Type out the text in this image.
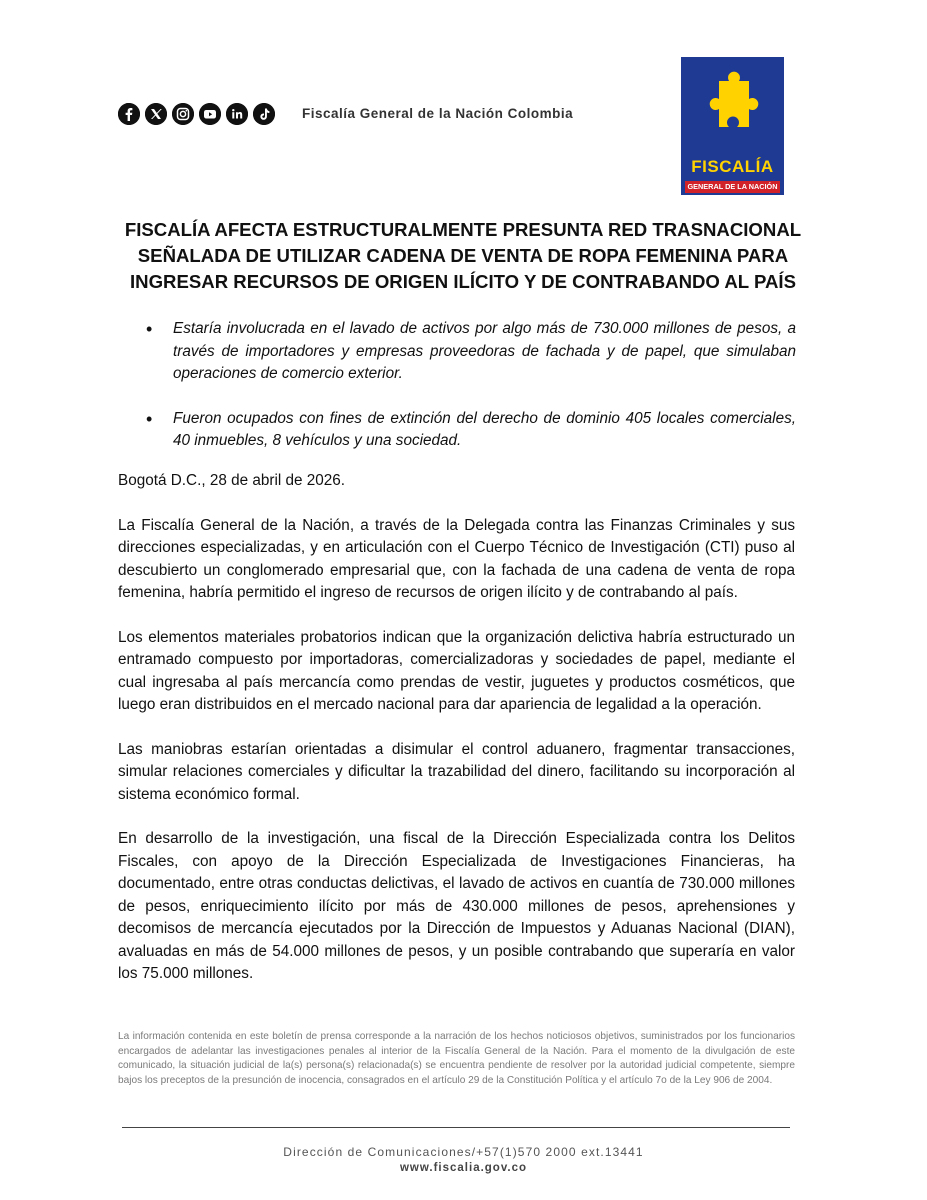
Fiscalía General de la Nación Colombia
FISCALÍA
GENERAL DE LA NACIÓN
FISCALÍA AFECTA ESTRUCTURALMENTE PRESUNTA RED TRASNACIONAL SEÑALADA DE UTILIZAR CADENA DE VENTA DE ROPA FEMENINA PARA INGRESAR RECURSOS DE ORIGEN ILÍCITO Y DE CONTRABANDO AL PAÍS
• Estaría involucrada en el lavado de activos por algo más de 730.000 millones de pesos, a través de importadores y empresas proveedoras de fachada y de papel, que simulaban operaciones de comercio exterior.
• Fueron ocupados con fines de extinción del derecho de dominio 405 locales comerciales, 40 inmuebles, 8 vehículos y una sociedad.

Bogotá D.C., 28 de abril de 2026.

La Fiscalía General de la Nación, a través de la Delegada contra las Finanzas Criminales y sus direcciones especializadas, y en articulación con el Cuerpo Técnico de Investigación (CTI) puso al descubierto un conglomerado empresarial que, con la fachada de una cadena de venta de ropa femenina, habría permitido el ingreso de recursos de origen ilícito y de contrabando al país.

Los elementos materiales probatorios indican que la organización delictiva habría estructurado un entramado compuesto por importadoras, comercializadoras y sociedades de papel, mediante el cual ingresaba al país mercancía como prendas de vestir, juguetes y productos cosméticos, que luego eran distribuidos en el mercado nacional para dar apariencia de legalidad a la operación.

Las maniobras estarían orientadas a disimular el control aduanero, fragmentar transacciones, simular relaciones comerciales y dificultar la trazabilidad del dinero, facilitando su incorporación al sistema económico formal.

En desarrollo de la investigación, una fiscal de la Dirección Especializada contra los Delitos Fiscales, con apoyo de la Dirección Especializada de Investigaciones Financieras, ha documentado, entre otras conductas delictivas, el lavado de activos en cuantía de 730.000 millones de pesos, enriquecimiento ilícito por más de 430.000 millones de pesos, aprehensiones y decomisos de mercancía ejecutados por la Dirección de Impuestos y Aduanas Nacional (DIAN), avaluadas en más de 54.000 millones de pesos, y un posible contrabando que superaría en valor los 75.000 millones.

La información contenida en este boletín de prensa corresponde a la narración de los hechos noticiosos objetivos, suministrados por los funcionarios encargados de adelantar las investigaciones penales al interior de la Fiscalía General de la Nación. Para el momento de la divulgación de este comunicado, la situación judicial de la(s) persona(s) relacionada(s) se encuentra pendiente de resolver por la autoridad judicial competente, siempre bajos los preceptos de la presunción de inocencia, consagrados en el artículo 29 de la Constitución Política y el artículo 7o de la Ley 906 de 2004.
Dirección de Comunicaciones/+57(1)570 2000 ext.13441
www.fiscalia.gov.co
